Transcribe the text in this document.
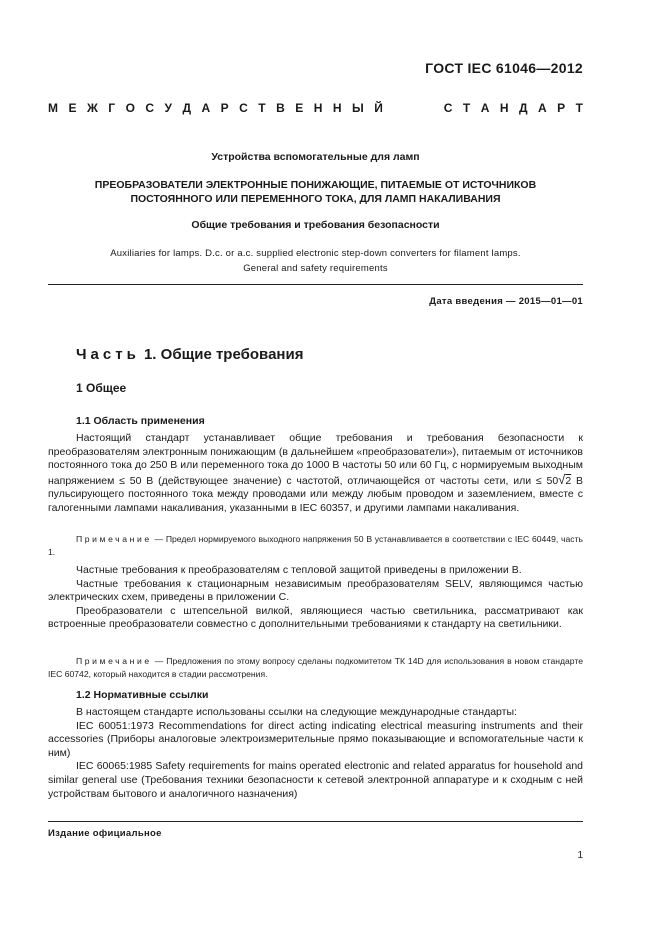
ГОСТ IEC 61046—2012
М Е Ж Г О С У Д А Р С Т В Е Н Н Ы Й	С Т А Н Д А Р Т
Устройства вспомогательные для ламп
ПРЕОБРАЗОВАТЕЛИ ЭЛЕКТРОННЫЕ ПОНИЖАЮЩИЕ, ПИТАЕМЫЕ ОТ ИСТОЧНИКОВ
ПОСТОЯННОГО ИЛИ ПЕРЕМЕННОГО ТОКА, ДЛЯ ЛАМП НАКАЛИВАНИЯ
Общие требования и требования безопасности
Auxiliaries for lamps. D.c. or a.c. supplied electronic step-down converters for filament lamps.
General and safety requirements
Дата введения — 2015—01—01
Часть 1. Общие требования
1 Общее
1.1 Область применения

Настоящий стандарт устанавливает общие требования и требования безопасности к преобразователям электронным понижающим (в дальнейшем «преобразователи»), питаемым от источников постоянного тока до 250 В или переменного тока до 1000 В частоты 50 или 60 Гц, с нормируемым выходным напряжением ≤ 50 В (действующее значение) с частотой, отличающейся от частоты сети, или ≤ 50√2 В пульсирующего постоянного тока между проводами или между любым проводом и заземлением, вместе с галогенными лампами накаливания, указанными в IEC 60357, и другими лампами накаливания.

Примечание — Предел нормируемого выходного напряжения 50 В устанавливается в соответствии с IEC 60449, часть 1.

Частные требования к преобразователям с тепловой защитой приведены в приложении В.

Частные требования к стационарным независимым преобразователям SELV, являющимся частью электрических схем, приведены в приложении С.

Преобразователи с штепсельной вилкой, являющиеся частью светильника, рассматривают как встроенные преобразователи совместно с дополнительными требованиями к стандарту на светильники.

Примечание — Предложения по этому вопросу сделаны подкомитетом ТК 14D для использования в новом стандарте IEC 60742, который находится в стадии рассмотрения.

1.2 Нормативные ссылки

В настоящем стандарте использованы ссылки на следующие международные стандарты:

IEC 60051:1973 Recommendations for direct acting indicating electrical measuring instruments and their accessories (Приборы аналоговые электроизмерительные прямо показывающие и вспомогательные части к ним)

IEC 60065:1985 Safety requirements for mains operated electronic and related apparatus for household and similar general use (Требования техники безопасности к сетевой электронной аппаратуре и к сходным с ней устройствам бытового и аналогичного назначения)

Издание официальное
1
